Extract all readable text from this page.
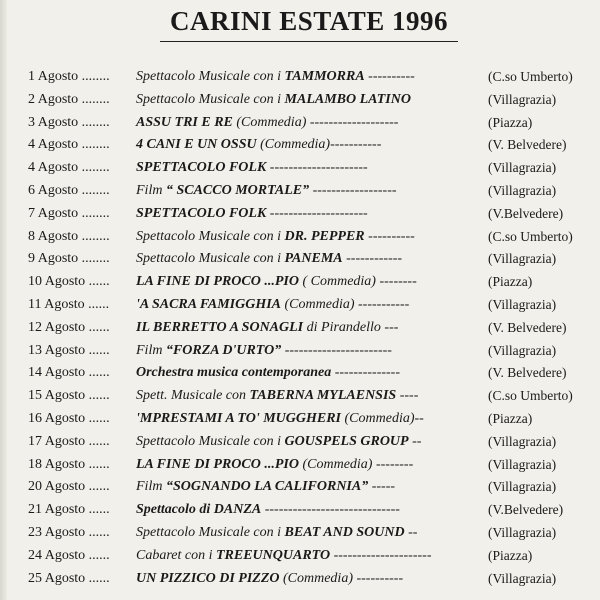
CARINI ESTATE 1996
1 Agosto ........ Spettacolo Musicale con i TAMMORRA ----------	(C.so Umberto)
2 Agosto ........ Spettacolo Musicale con i MALAMBO LATINO	(Villagrazia)
3 Agosto ........ ASSU TRI E RE (Commedia) -------------------	(Piazza)
4 Agosto ........ 4 CANI E UN OSSU (Commedia)-----------	(V. Belvedere)
4 Agosto ........ SPETTACOLO FOLK ---------------------	(Villagrazia)
6 Agosto ........ Film “ SCACCO MORTALE” ------------------	(Villagrazia)
7 Agosto ........ SPETTACOLO FOLK ---------------------	(V.Belvedere)
8 Agosto ........ Spettacolo Musicale con i DR. PEPPER ----------	(C.so Umberto)
9 Agosto ........ Spettacolo Musicale con i PANEMA ------------	(Villagrazia)
10 Agosto ...... LA FINE DI PROCO ...PIO ( Commedia) --------	(Piazza)
11 Agosto ...... 'A SACRA FAMIGGHIA (Commedia) -----------	(Villagrazia)
12 Agosto ...... IL BERRETTO A SONAGLI di Pirandello ---	(V. Belvedere)
13 Agosto ...... Film “FORZA D'URTO” -----------------------	(Villagrazia)
14 Agosto ...... Orchestra musica contemporanea --------------	(V. Belvedere)
15 Agosto ...... Spett. Musicale con TABERNA MYLAENSIS ----	(C.so Umberto)
16 Agosto ...... 'MPRESTAMI A TO' MUGGHERI (Commedia)--	(Piazza)
17 Agosto ...... Spettacolo Musicale con i GOUSPELS GROUP --	(Villagrazia)
18 Agosto ...... LA FINE DI PROCO ...PIO (Commedia) --------	(Villagrazia)
20 Agosto ...... Film “SOGNANDO LA CALIFORNIA” -----	(Villagrazia)
21 Agosto ...... Spettacolo di DANZA -----------------------------	(V.Belvedere)
23 Agosto ...... Spettacolo Musicale con i BEAT AND SOUND --	(Villagrazia)
24 Agosto ...... Cabaret con i TREEUNQUARTO ---------------------	(Piazza)
25 Agosto ...... UN PIZZICO DI PIZZO (Commedia) ----------	(Villagrazia)
